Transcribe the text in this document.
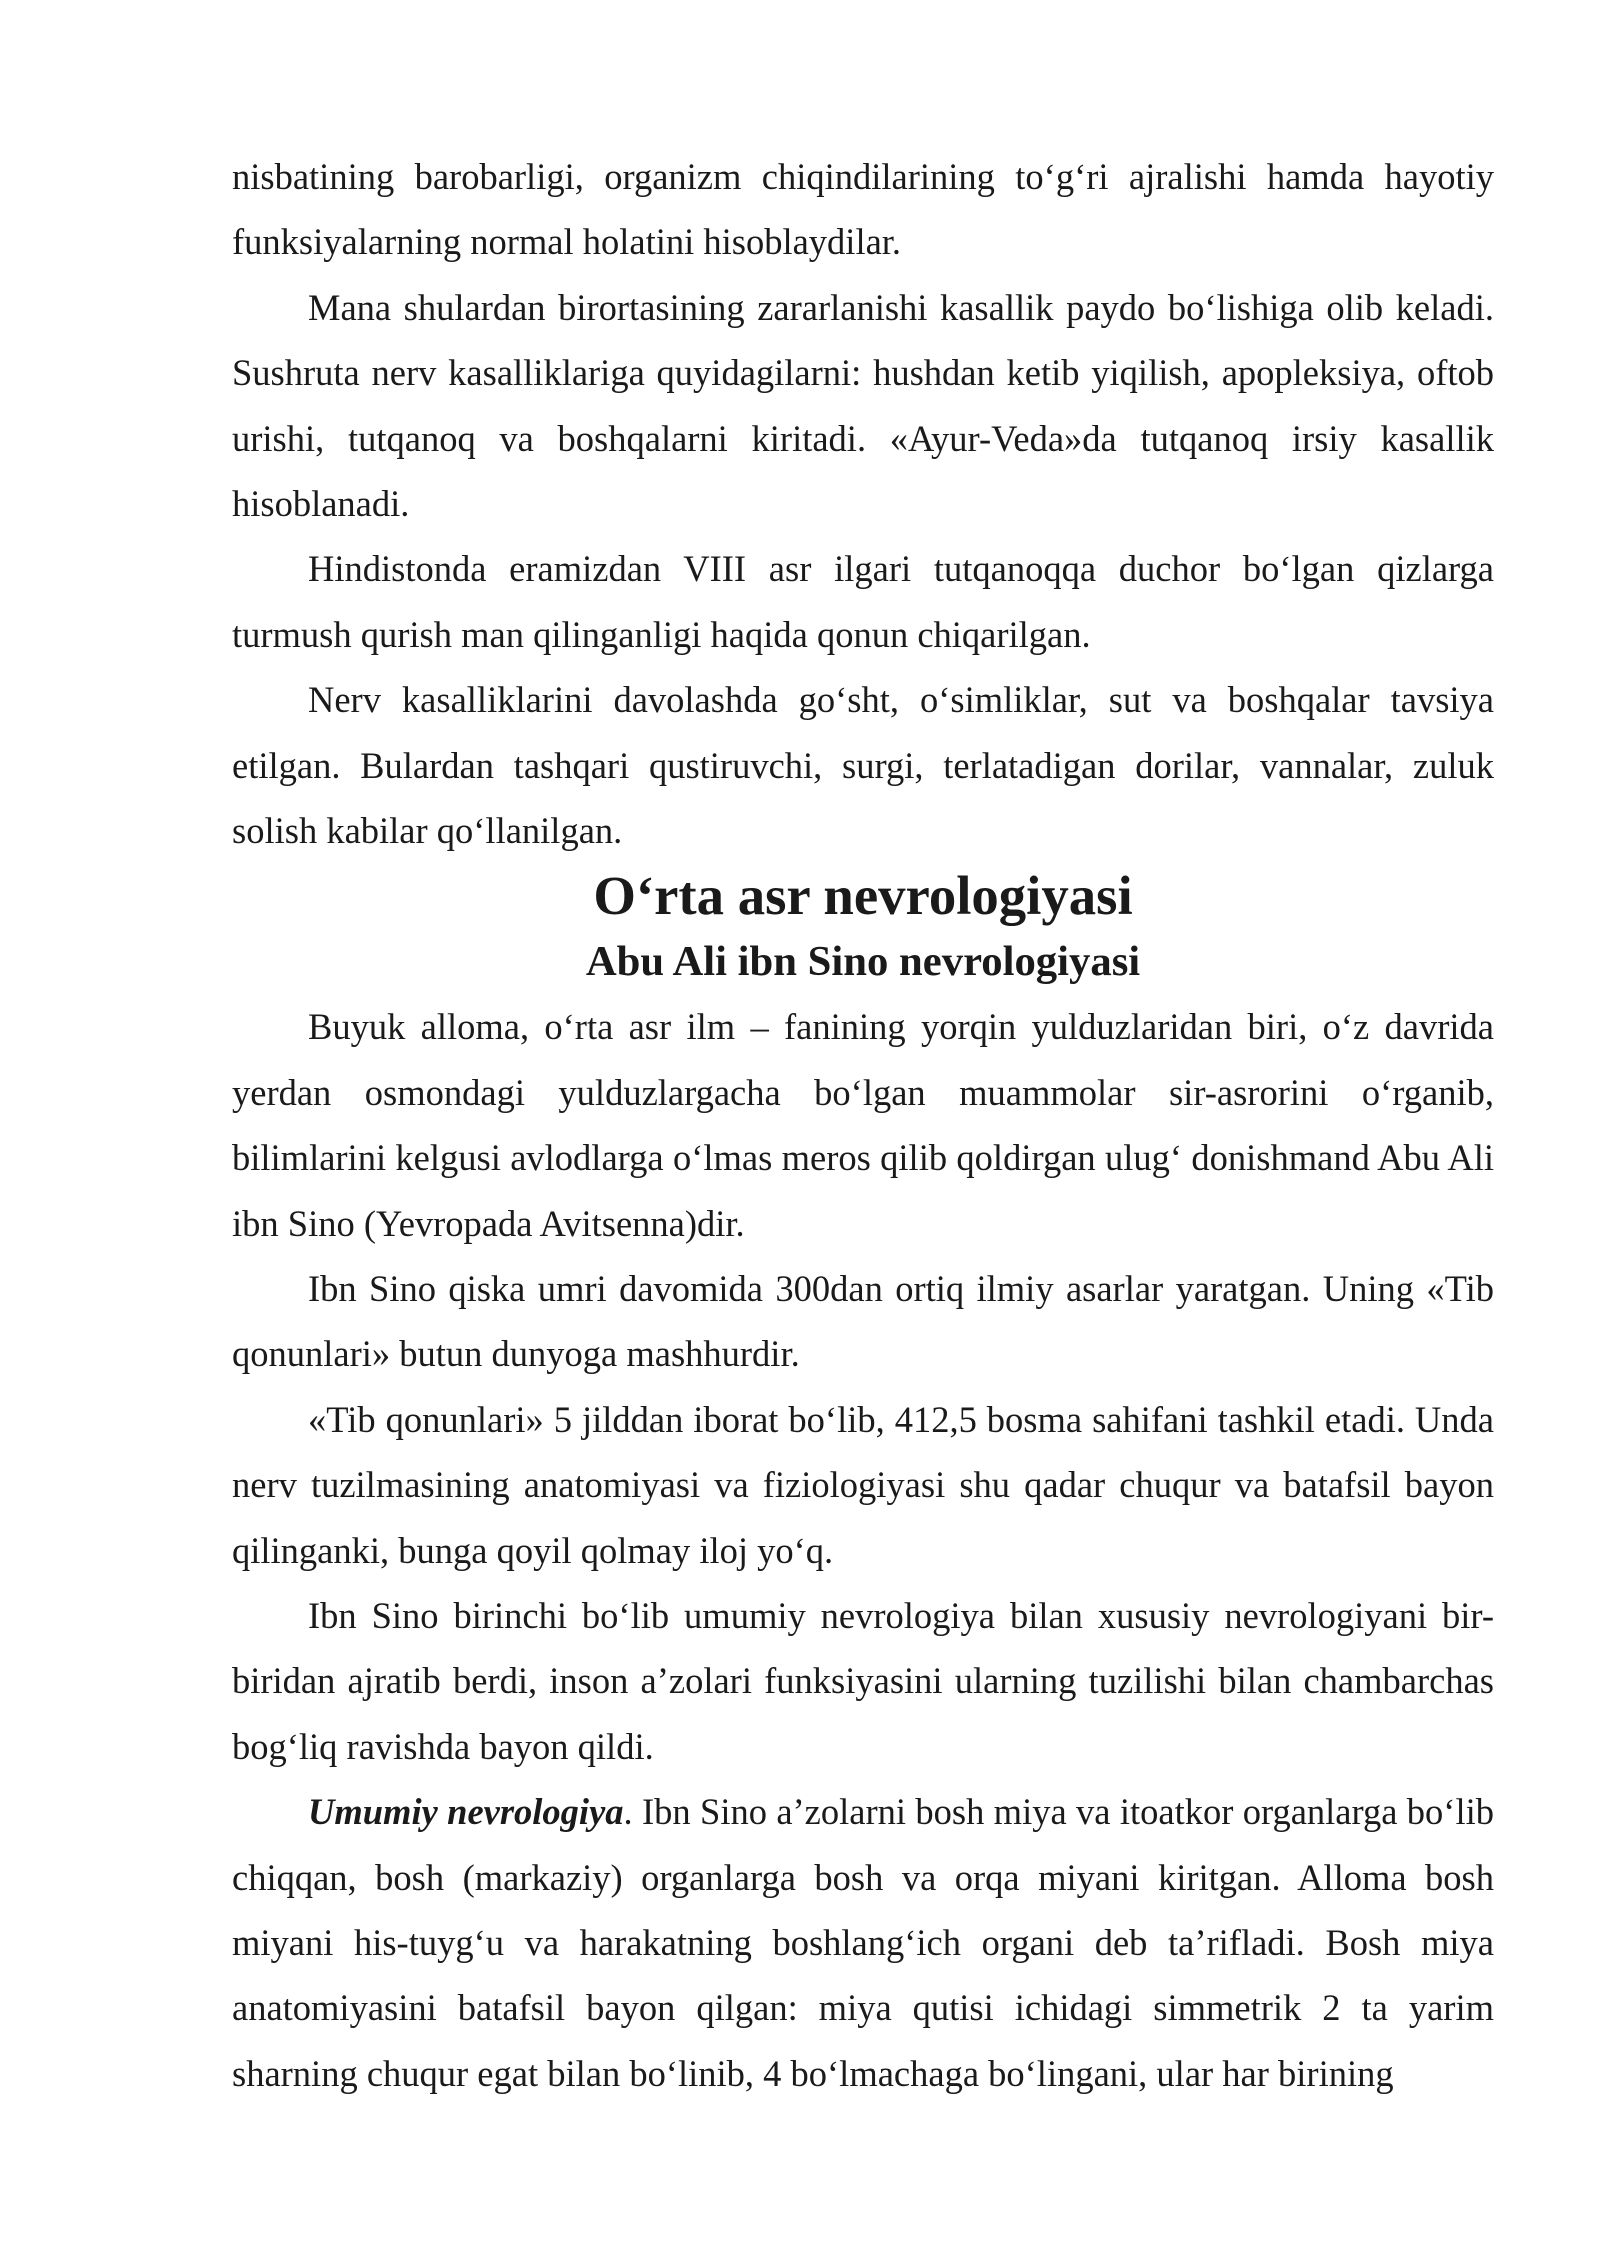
nisbatining barobarligi, organizm chiqindilarining to‘g‘ri ajralishi hamda hayotiy funksiyalarning normal holatini hisoblaydilar.

Mana shulardan birortasining zararlanishi kasallik paydo bo‘lishiga olib keladi. Sushruta nerv kasalliklariga quyidagilarni: hushdan ketib yiqilish, apopleksiya, oftob urishi, tutqanoq va boshqalarni kiritadi. «Ayur-Veda»da tutqanoq irsiy kasallik hisoblanadi.

Hindistonda eramizdan VIII asr ilgari tutqanoqqa duchor bo‘lgan qizlarga turmush qurish man qilinganligi haqida qonun chiqarilgan.

Nerv kasalliklarini davolashda go‘sht, o‘simliklar, sut va boshqalar tavsiya etilgan. Bulardan tashqari qustiruvchi, surgi, terlatadigan dorilar, vannalar, zuluk solish kabilar qo‘llanilgan.

O‘rta asr nevrologiyasi
Abu Ali ibn Sino nevrologiyasi

Buyuk alloma, o‘rta asr ilm – fanining yorqin yulduzlaridan biri, o‘z davrida yerdan osmondagi yulduzlargacha bo‘lgan muammolar sir-asrorini o‘rganib, bilimlarini kelgusi avlodlarga o‘lmas meros qilib qoldirgan ulug‘ donishmand Abu Ali ibn Sino (Yevropada Avitsenna)dir.

Ibn Sino qiska umri davomida 300dan ortiq ilmiy asarlar yaratgan. Uning «Tib qonunlari» butun dunyoga mashhurdir.

«Tib qonunlari» 5 jilddan iborat bo‘lib, 412,5 bosma sahifani tashkil etadi. Unda nerv tuzilmasining anatomiyasi va fiziologiyasi shu qadar chuqur va batafsil bayon qilinganki, bunga qoyil qolmay iloj yo‘q.

Ibn Sino birinchi bo‘lib umumiy nevrologiya bilan xususiy nevrologiyani bir-biridan ajratib berdi, inson a’zolari funksiyasini ularning tuzilishi bilan chambarchas bog‘liq ravishda bayon qildi.

Umumiy nevrologiya. Ibn Sino a’zolarni bosh miya va itoatkor organlarga bo‘lib chiqqan, bosh (markaziy) organlarga bosh va orqa miyani kiritgan. Alloma bosh miyani his-tuyg‘u va harakatning boshlang‘ich organi deb ta’rifladi. Bosh miya anatomiyasini batafsil bayon qilgan: miya qutisi ichidagi simmetrik 2 ta yarim sharning chuqur egat bilan bo‘linib, 4 bo‘lmachaga bo‘lingani, ular har birining
